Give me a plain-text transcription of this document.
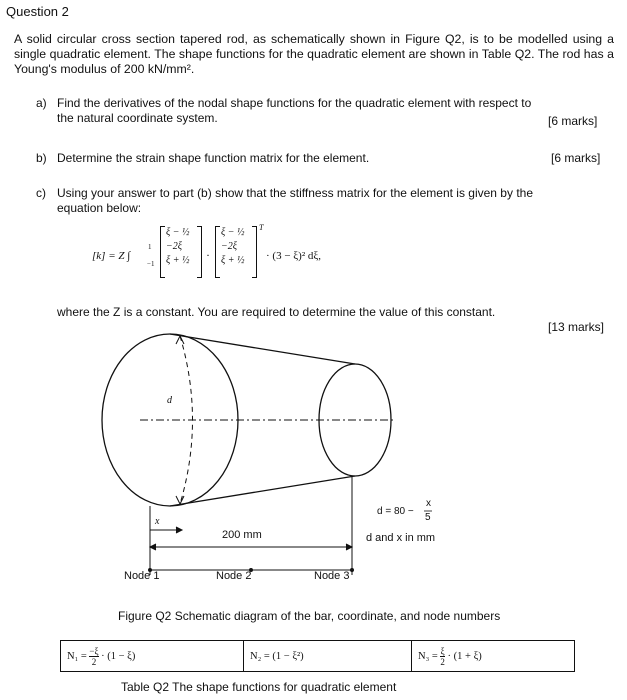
Question 2
A solid circular cross section tapered rod, as schematically shown in Figure Q2, is to be modelled using a single quadratic element. The shape functions for the quadratic element are shown in Table Q2. The rod has a Young's modulus of 200 kN/mm².
a) Find the derivatives of the nodal shape functions for the quadratic element with respect to
the natural coordinate system.	[6 marks]
b) Determine the strain shape function matrix for the element.	[6 marks]
c) Using your answer to part (b) show that the stiffness matrix for the element is given by the
equation below:
[k] = Z ∫
1
−1
ξ − ½
−2ξ
ξ + ½ ·
ξ − ½
−2ξ
ξ + ½
T
· (3 − ξ)² dξ,
where the Z is a constant. You are required to determine the value of this constant.
[13 marks]
d
x
200 mm
d = 80 −
x
5
d and x in mm
Node 1	Node 2	Node 3
Figure Q2 Schematic diagram of the bar, coordinate, and node numbers
$N_1 = \frac{-\xi}{2} \cdot (1 - \xi)$	N₂ = (1 − ξ²)	$N_3 = \frac{\xi}{2} \cdot (1 + \xi)$
Table Q2 The shape functions for quadratic element
